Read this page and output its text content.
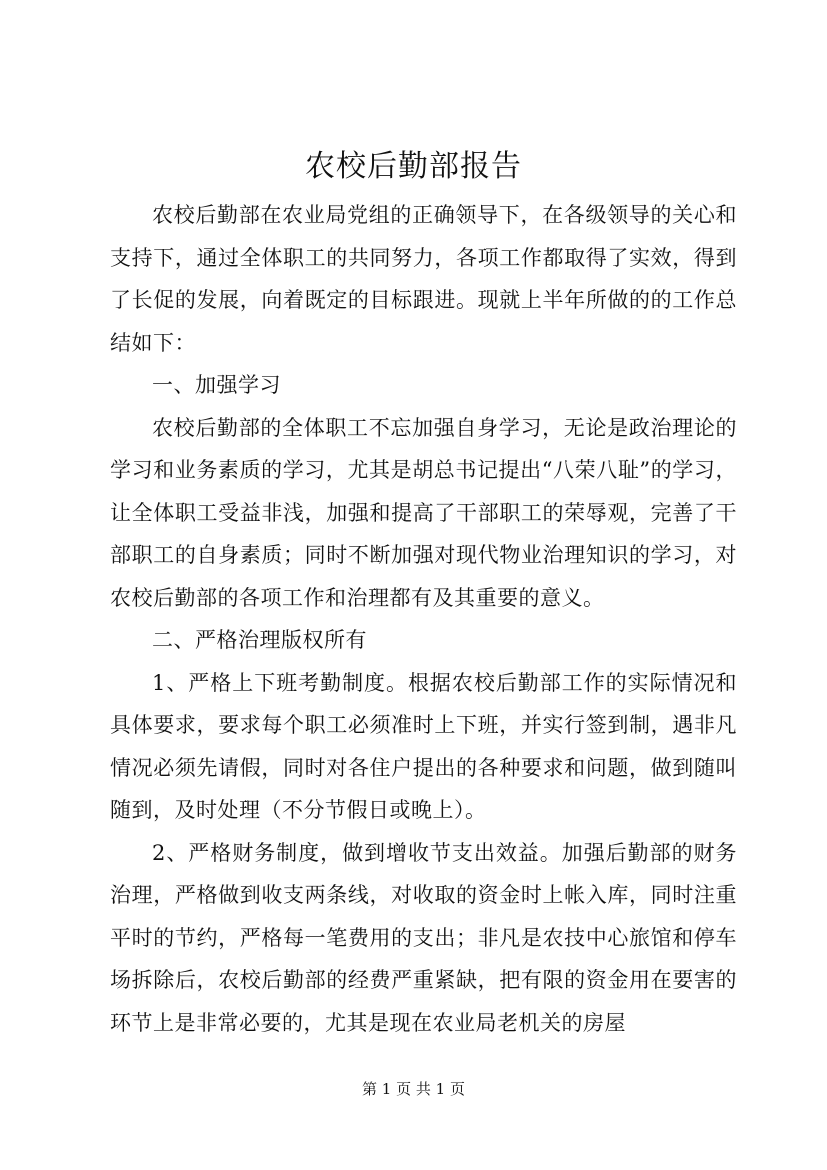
农校后勤部报告

农校后勤部在农业局党组的正确领导下，在各级领导的关心和支持下，通过全体职工的共同努力，各项工作都取得了实效，得到了长促的发展，向着既定的目标跟进。现就上半年所做的的工作总结如下：

一、加强学习

农校后勤部的全体职工不忘加强自身学习，无论是政治理论的学习和业务素质的学习，尤其是胡总书记提出“八荣八耻”的学习，让全体职工受益非浅，加强和提高了干部职工的荣辱观，完善了干部职工的自身素质；同时不断加强对现代物业治理知识的学习，对农校后勤部的各项工作和治理都有及其重要的意义。

二、严格治理版权所有

1、严格上下班考勤制度。根据农校后勤部工作的实际情况和具体要求，要求每个职工必须准时上下班，并实行签到制，遇非凡情况必须先请假，同时对各住户提出的各种要求和问题，做到随叫随到，及时处理（不分节假日或晚上）。

2、严格财务制度，做到增收节支出效益。加强后勤部的财务治理，严格做到收支两条线，对收取的资金时上帐入库，同时注重平时的节约，严格每一笔费用的支出；非凡是农技中心旅馆和停车场拆除后，农校后勤部的经费严重紧缺，把有限的资金用在要害的环节上是非常必要的，尤其是现在农业局老机关的房屋

第 1 页 共 1 页
